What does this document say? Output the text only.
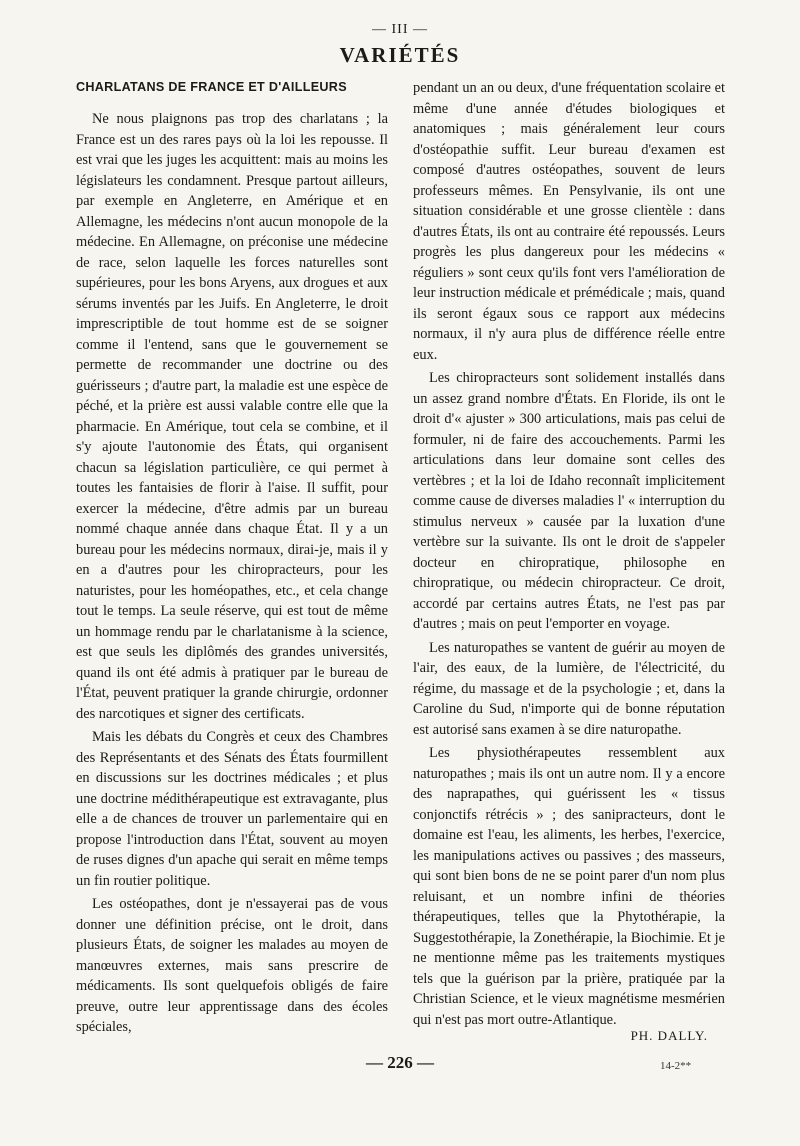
— III —
VARIÉTÉS
CHARLATANS DE FRANCE ET D'AILLEURS

Ne nous plaignons pas trop des charlatans ; la France est un des rares pays où la loi les repousse. Il est vrai que les juges les acquittent: mais au moins les législateurs les condamnent. Presque partout ailleurs, par exemple en Angleterre, en Amérique et en Allemagne, les médecins n'ont aucun monopole de la médecine. En Allemagne, on préconise une médecine de race, selon laquelle les forces naturelles sont supérieures, pour les bons Aryens, aux drogues et aux sérums inventés par les Juifs. En Angleterre, le droit imprescriptible de tout homme est de se soigner comme il l'entend, sans que le gouvernement se permette de recommander une doctrine ou des guérisseurs ; d'autre part, la maladie est une espèce de péché, et la prière est aussi valable contre elle que la pharmacie. En Amérique, tout cela se combine, et il s'y ajoute l'autonomie des États, qui organisent chacun sa législation particulière, ce qui permet à toutes les fantaisies de florir à l'aise. Il suffit, pour exercer la médecine, d'être admis par un bureau nommé chaque année dans chaque État. Il y a un bureau pour les médecins normaux, dirai-je, mais il y en a d'autres pour les chiropracteurs, pour les naturistes, pour les homéopathes, etc., et cela change tout le temps. La seule réserve, qui est tout de même un hommage rendu par le charlatanisme à la science, est que seuls les diplômés des grandes universités, quand ils ont été admis à pratiquer par le bureau de l'État, peuvent pratiquer la grande chirurgie, ordonner des narcotiques et signer des certificats.

Mais les débats du Congrès et ceux des Chambres des Représentants et des Sénats des États fourmillent en discussions sur les doctrines médicales ; et plus une doctrine médithérapeutique est extravagante, plus elle a de chances de trouver un parlementaire qui en propose l'introduction dans l'État, souvent au moyen de ruses dignes d'un apache qui serait en même temps un fin routier politique.

Les ostéopathes, dont je n'essayerai pas de vous donner une définition précise, ont le droit, dans plusieurs États, de soigner les malades au moyen de manœuvres externes, mais sans prescrire de médicaments. Ils sont quelquefois obligés de faire preuve, outre leur apprentissage dans des écoles spéciales,

pendant un an ou deux, d'une fréquentation scolaire et même d'une année d'études biologiques et anatomiques ; mais généralement leur cours d'ostéopathie suffit. Leur bureau d'examen est composé d'autres ostéopathes, souvent de leurs professeurs mêmes. En Pensylvanie, ils ont une situation considérable et une grosse clientèle : dans d'autres États, ils ont au contraire été repoussés. Leurs progrès les plus dangereux pour les médecins « réguliers » sont ceux qu'ils font vers l'amélioration de leur instruction médicale et prémédicale ; mais, quand ils seront égaux sous ce rapport aux médecins normaux, il n'y aura plus de différence réelle entre eux.

Les chiropracteurs sont solidement installés dans un assez grand nombre d'États. En Floride, ils ont le droit d'« ajuster » 300 articulations, mais pas celui de formuler, ni de faire des accouchements. Parmi les articulations dans leur domaine sont celles des vertèbres ; et la loi de Idaho reconnaît implicitement comme cause de diverses maladies l' « interruption du stimulus nerveux » causée par la luxation d'une vertèbre sur la suivante. Ils ont le droit de s'appeler docteur en chiropratique, philosophe en chiropratique, ou médecin chiropracteur. Ce droit, accordé par certains autres États, ne l'est pas par d'autres ; mais on peut l'emporter en voyage.

Les naturopathes se vantent de guérir au moyen de l'air, des eaux, de la lumière, de l'électricité, du régime, du massage et de la psychologie ; et, dans la Caroline du Sud, n'importe qui de bonne réputation est autorisé sans examen à se dire naturopathe.

Les physiothérapeutes ressemblent aux naturopathes ; mais ils ont un autre nom. Il y a encore des naprapathes, qui guérissent les « tissus conjonctifs rétrécis » ; des sanipracteurs, dont le domaine est l'eau, les aliments, les herbes, l'exercice, les manipulations actives ou passives ; des masseurs, qui sont bien bons de ne se point parer d'un nom plus reluisant, et un nombre infini de théories thérapeutiques, telles que la Phytothérapie, la Suggestothérapie, la Zonethérapie, la Biochimie. Et je ne mentionne même pas les traitements mystiques tels que la guérison par la prière, pratiquée par la Christian Science, et le vieux magnétisme mesmérien qui n'est pas mort outre-Atlantique.

PH. DALLY.
— 226 —	14-2**
